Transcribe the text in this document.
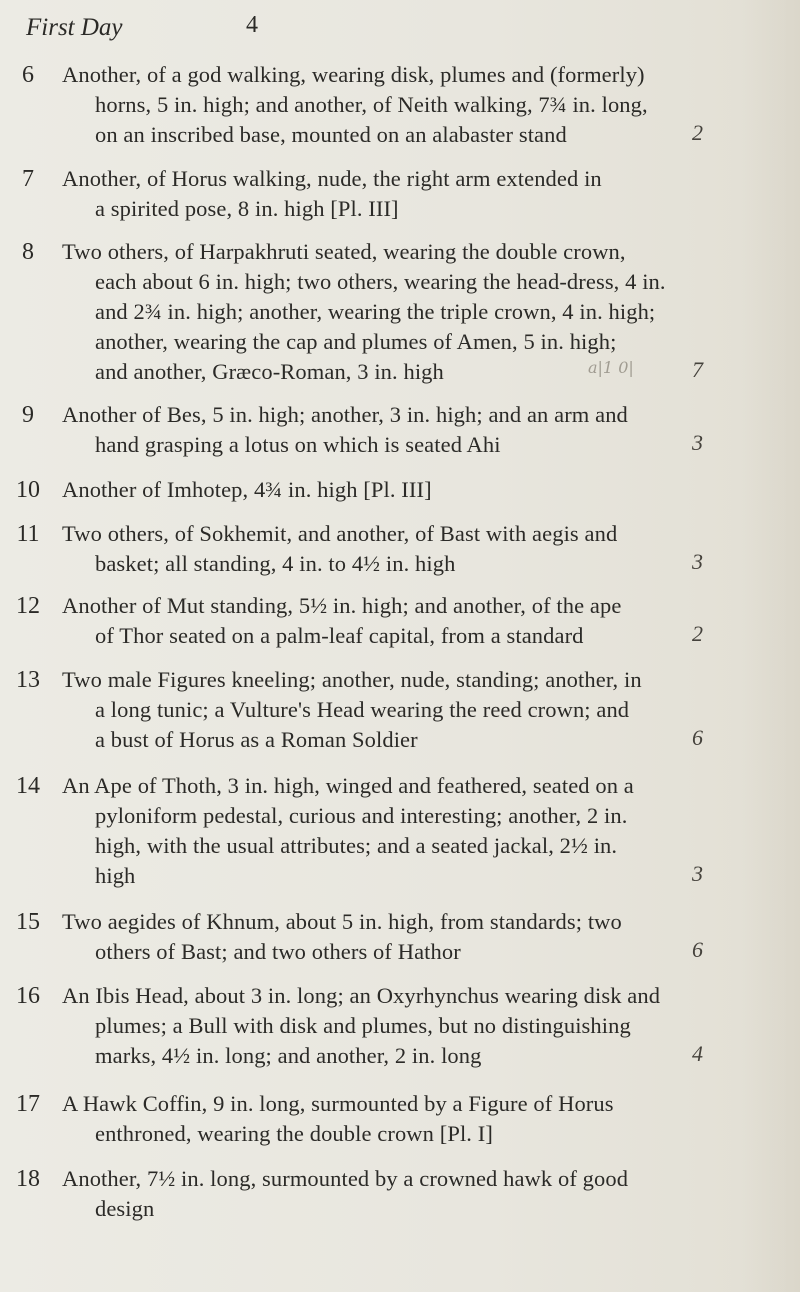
First Day	4
6	Another, of a god walking, wearing disk, plumes and (formerly)
horns, 5 in. high; and another, of Neith walking, 7¾ in. long,
on an inscribed base, mounted on an alabaster stand	2
7	Another, of Horus walking, nude, the right arm extended in
a spirited pose, 8 in. high [Pl. III]
8	Two others, of Harpakhruti seated, wearing the double crown,
each about 6 in. high; two others, wearing the head-dress, 4 in.
and 2¾ in. high; another, wearing the triple crown, 4 in. high;
another, wearing the cap and plumes of Amen, 5 in. high;
and another, Græco-Roman, 3 in. high	a|1 0|	7
9	Another of Bes, 5 in. high; another, 3 in. high; and an arm and
hand grasping a lotus on which is seated Ahi	3
10 Another of Imhotep, 4¾ in. high [Pl. III]
11 Two others, of Sokhemit, and another, of Bast with aegis and
basket; all standing, 4 in. to 4½ in. high	3
12 Another of Mut standing, 5½ in. high; and another, of the ape
of Thor seated on a palm-leaf capital, from a standard	2
13 Two male Figures kneeling; another, nude, standing; another, in
a long tunic; a Vulture's Head wearing the reed crown; and
a bust of Horus as a Roman Soldier	6
14 An Ape of Thoth, 3 in. high, winged and feathered, seated on a
pyloniform pedestal, curious and interesting; another, 2 in.
high, with the usual attributes; and a seated jackal, 2½ in.
high	3
15 Two aegides of Khnum, about 5 in. high, from standards; two
others of Bast; and two others of Hathor	6
16 An Ibis Head, about 3 in. long; an Oxyrhynchus wearing disk and
plumes; a Bull with disk and plumes, but no distinguishing
marks, 4½ in. long; and another, 2 in. long	4
17 A Hawk Coffin, 9 in. long, surmounted by a Figure of Horus
enthroned, wearing the double crown [Pl. I]
18 Another, 7½ in. long, surmounted by a crowned hawk of good
design
